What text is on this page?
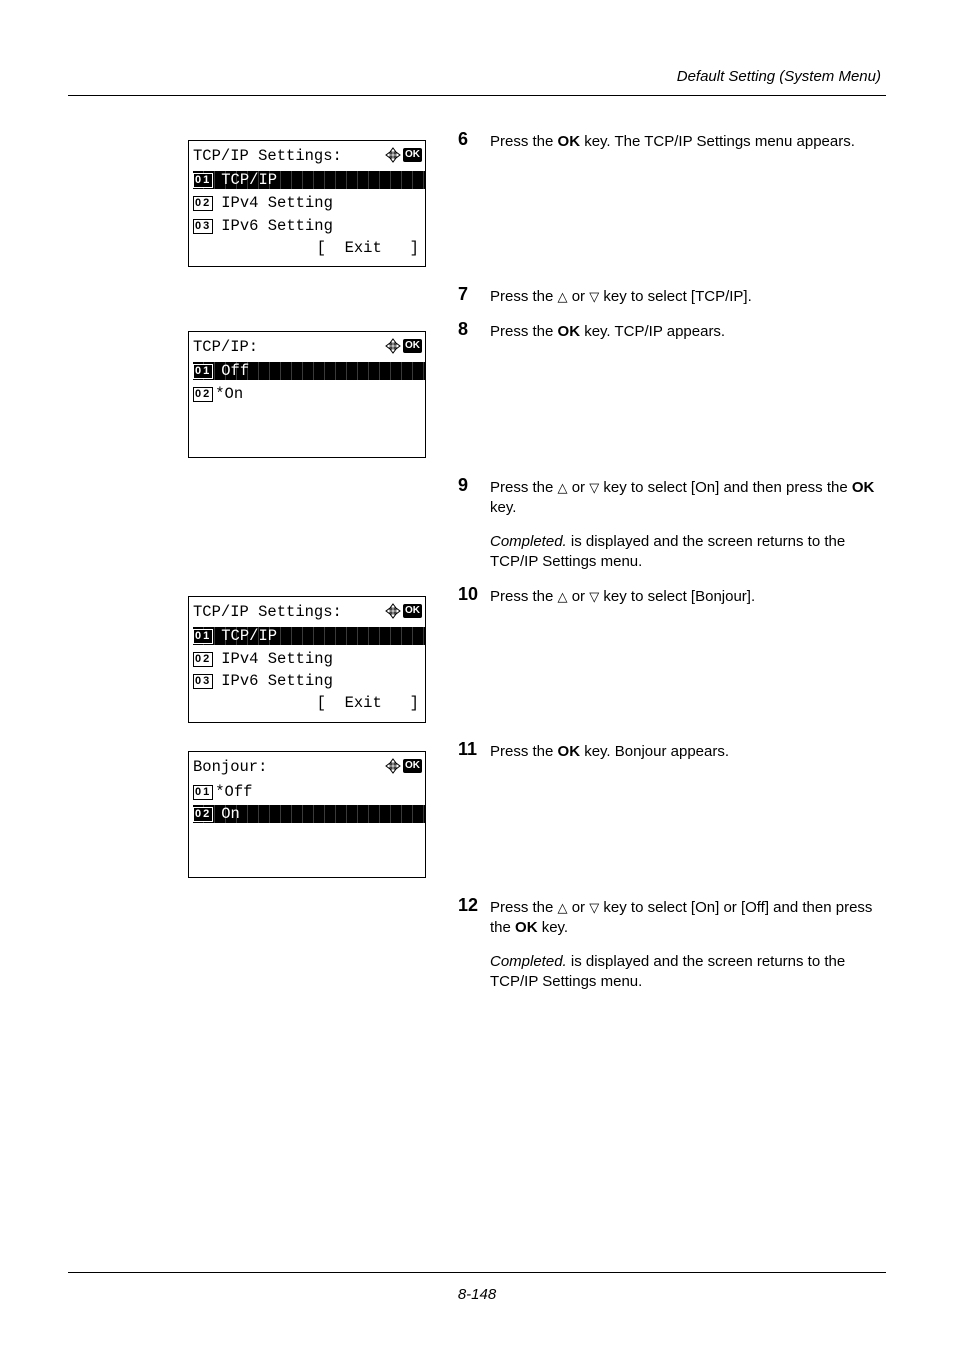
Default Setting (System Menu)
TCP/IP Settings:	OK
01 TCP/IP
02 IPv4 Setting
03 IPv6 Setting
[  Exit   ]
TCP/IP:	OK
01 Off
02 *On
TCP/IP Settings:	OK
01 TCP/IP
02 IPv4 Setting
03 IPv6 Setting
[  Exit   ]
Bonjour:	OK
01 *Off
02 On
6 Press the OK key. The TCP/IP Settings menu appears.
7 Press the △ or ▽ key to select [TCP/IP].
8 Press the OK key. TCP/IP appears.
9 Press the △ or ▽ key to select [On] and then press the OK key.
Completed. is displayed and the screen returns to the TCP/IP Settings menu.
10 Press the △ or ▽ key to select [Bonjour].
11 Press the OK key. Bonjour appears.
12 Press the △ or ▽ key to select [On] or [Off] and then press the OK key.
Completed. is displayed and the screen returns to the TCP/IP Settings menu.
8-148
